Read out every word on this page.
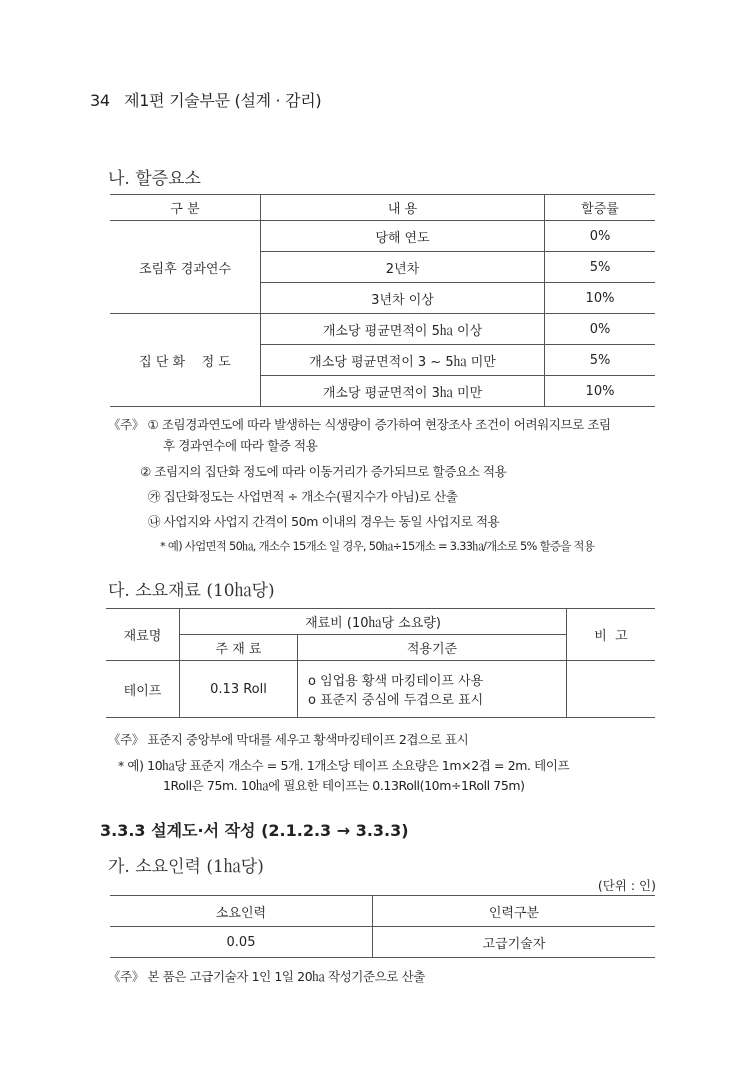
34 제1편 기술부문 (설계 · 감리)
나. 할증요소
구 분	내 용	할증률
조림후 경과연수	당해 연도	0%
	2년차	5%
	3년차 이상	10%
집 단 화    정 도	개소당 평균면적이 5㏊ 이상	0%
	개소당 평균면적이 3 ~ 5㏊ 미만	5%
	개소당 평균면적이 3㏊ 미만	10%
《주》 ① 조림경과연도에 따라 발생하는 식생량이 증가하여 현장조사 조건이 어려워지므로 조림
후 경과연수에 따라 할증 적용
② 조림지의 집단화 정도에 따라 이동거리가 증가되므로 할증요소 적용
㉮ 집단화정도는 사업면적 ÷ 개소수(필지수가 아님)로 산출
㉯ 사업지와 사업지 간격이 50m 이내의 경우는 동일 사업지로 적용
* 예) 사업면적 50㏊, 개소수 15개소 일 경우, 50㏊÷15개소 = 3.33㏊/개소로 5% 할증을 적용
다. 소요재료 (10㏊당)
재료명	재료비 (10㏊당 소요량)		비  고
	주 재 료	적용기준	
테이프	0.13 Roll	o 임업용 황색 마킹테이프 사용
o 표준지 중심에 두겹으로 표시	

《주》 표준지 중앙부에 막대를 세우고 황색마킹테이프 2겹으로 표시
* 예) 10㏊당 표준지 개소수 = 5개. 1개소당 테이프 소요량은 1m×2겹 = 2m. 테이프
1Roll은 75m. 10㏊에 필요한 테이프는 0.13Roll(10m÷1Roll 75m)
3.3.3 설계도·서 작성 (2.1.2.3 → 3.3.3)
가. 소요인력 (1㏊당)
(단위 : 인)
소요인력	인력구분
0.05	고급기술자
《주》 본 품은 고급기술자 1인 1일 20㏊ 작성기준으로 산출
